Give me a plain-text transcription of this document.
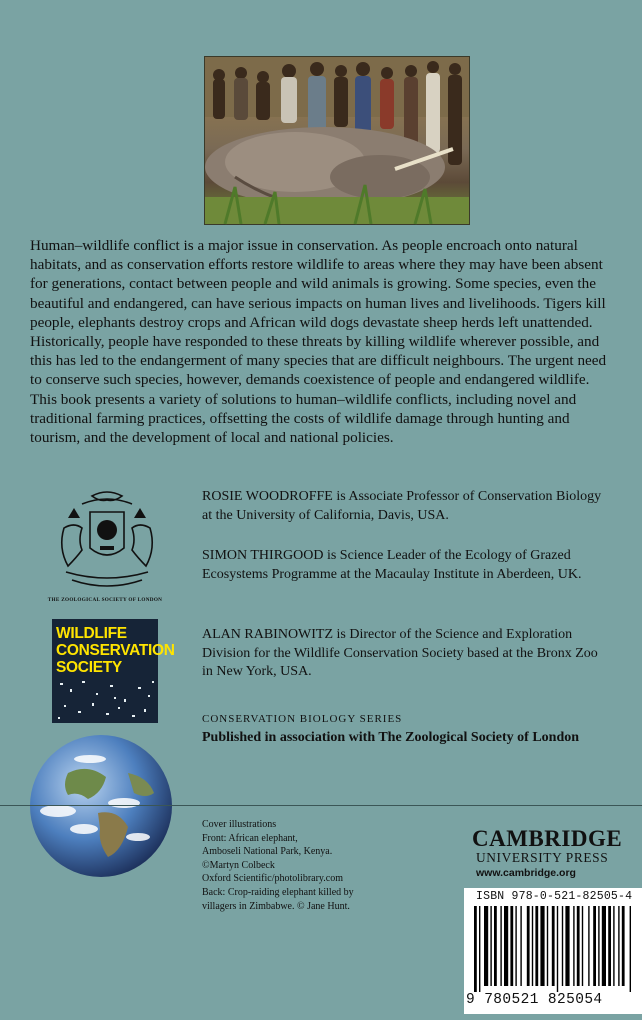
Human–wildlife conflict is a major issue in conservation. As people encroach onto natural habitats, and as conservation efforts restore wildlife to areas where they may have been absent for generations, contact between people and wild animals is growing. Some species, even the beautiful and endangered, can have serious impacts on human lives and livelihoods. Tigers kill people, elephants destroy crops and African wild dogs devastate sheep herds left unattended. Historically, people have responded to these threats by killing wildlife wherever possible, and this has led to the endangerment of many species that are difficult neighbours. The urgent need to conserve such species, however, demands coexistence of people and endangered wildlife. This book presents a variety of solutions to human–wildlife conflicts, including novel and traditional farming practices, offsetting the costs of wildlife damage through hunting and tourism, and the development of local and national policies.

THE ZOOLOGICAL SOCIETY OF LONDON
WILDLIFE
CONSERVATION
SOCIETY

ROSIE WOODROFFE is Associate Professor of Conservation Biology at the University of California, Davis, USA.

SIMON THIRGOOD is Science Leader of the Ecology of Grazed Ecosystems Programme at the Macaulay Institute in Aberdeen, UK.

ALAN RABINOWITZ is Director of the Science and Exploration Division for the Wildlife Conservation Society based at the Bronx Zoo in New York, USA.

CONSERVATION BIOLOGY SERIES
Published in association with The Zoological Society of London
Cover illustrations
Front: African elephant,
Amboseli National Park, Kenya.
©Martyn Colbeck
Oxford Scientific/photolibrary.com
Back: Crop-raiding elephant killed by
villagers in Zimbabwe. © Jane Hunt.
CAMBRIDGE
UNIVERSITY PRESS
www.cambridge.org
ISBN 978-0-521-82505-4
9 780521 825054
